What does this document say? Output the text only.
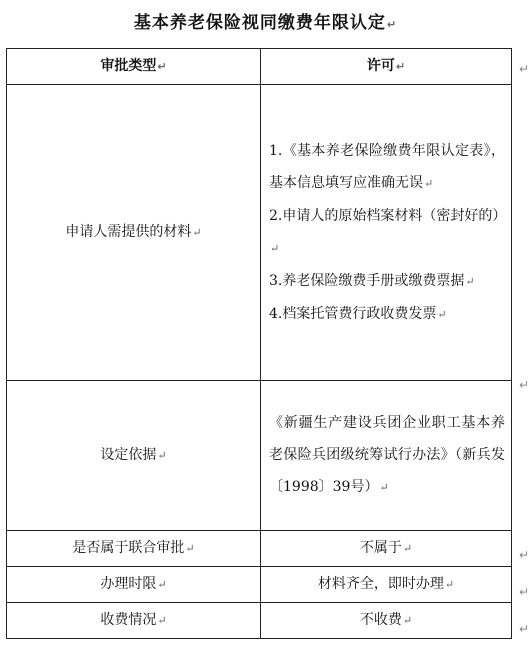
基本养老保险视同缴费年限认定↵
审批类型↵	许可↵
申请人需提供的材料↵	1.《基本养老保险缴费年限认定表》，基本信息填写应准确无误↵

2.申请人的原始档案材料（密封好的）↵

3.养老保险缴费手册或缴费票据↵

4.档案托管费行政收费发票↵

设定依据↵	《新疆生产建设兵团企业职工基本养老保险兵团级统筹试行办法》（新兵发〔1998〕39号）↵

是否属于联合审批↵	不属于↵
办理时限↵	材料齐全，即时办理↵
收费情况↵	不收费↵
↵
↵
↵
↵
↵
